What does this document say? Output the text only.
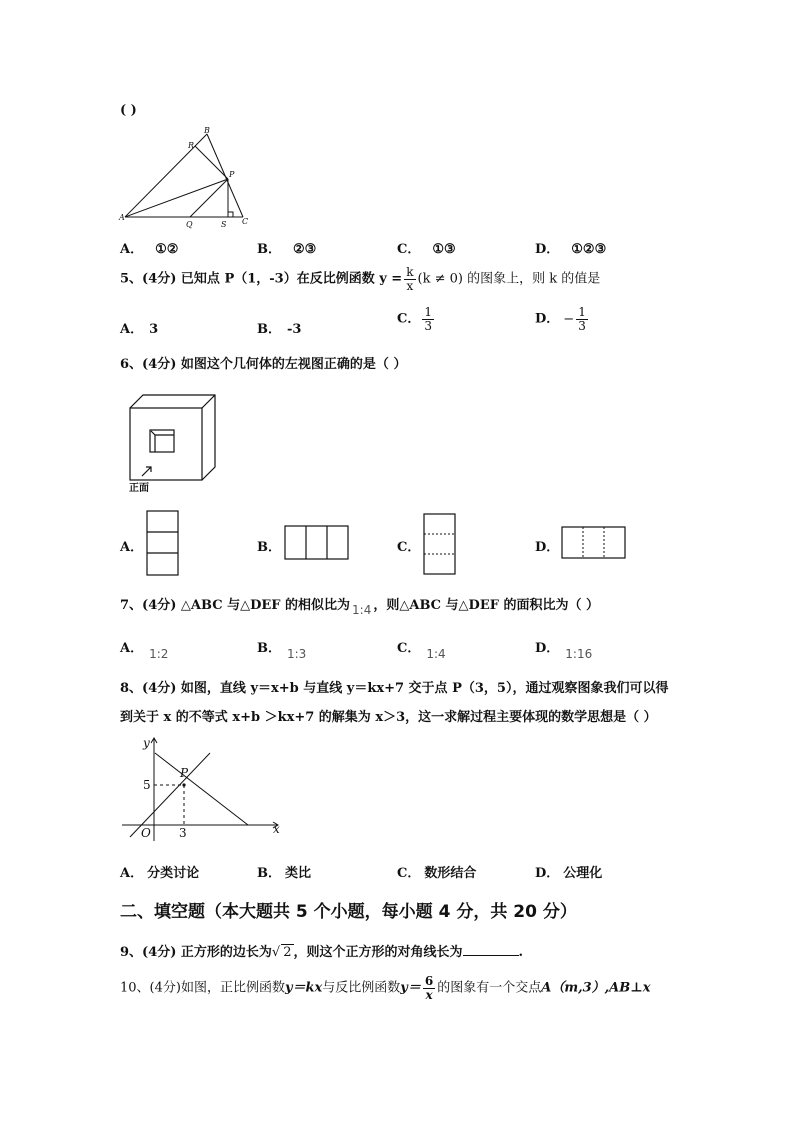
( )
B
R
P
A
Q	S C
A． ①②	B． ②③	C． ①③	D． ①②③
5、(4分) 已知点 P（1，-3）在反比例函数 $y = \frac{k}{x} (k \ne 0)$ 的图象上，则 k 的值是
A． 3	B． -3
C． $\frac{1}{3}$	D． − $\frac{1}{3}$
6、(4分) 如图这个几何体的左视图正确的是（ ）
正面
A．	B．	C．	D．
7、(4分) △ABC 与△DEF 的相似比为 1:4 ，则△ABC 与△DEF 的面积比为（ ）
A． 1:2	B． 1:3	C． 1:4	D． 1:16
8、(4分) 如图，直线 y＝x+b 与直线 y＝kx+7 交于点 P（3，5），通过观察图象我们可以得
到关于 x 的不等式 x+b ＞kx+7 的解集为 x＞3，这一求解过程主要体现的数学思想是（ ）
y
x
O
P
5
3
A． 分类讨论	B． 类比	C． 数形结合	D． 公理化
二、填空题（本大题共 5 个小题，每小题 4 分，共 20 分）
9、(4分) 正方形的边长为√ 2 ，则这个正方形的对角线长为	.
10、(4分)如图，正比例函数y＝kx与反比例函数$y= \frac{6}{x}$ 的图象有一个交点A（m,3）,AB⊥x
